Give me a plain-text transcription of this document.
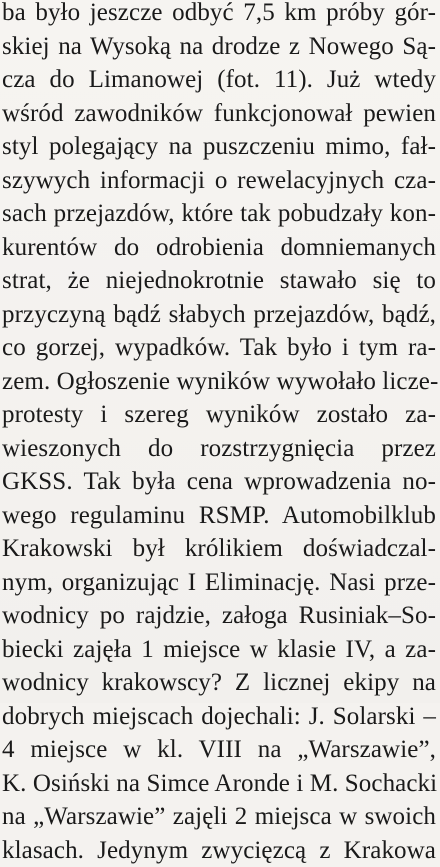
ba było jeszcze odbyć 7,5 km próby gór-
skiej na Wysoką na drodze z Nowego Są-
cza do Limanowej (fot. 11). Już wtedy
wśród zawodników funkcjonował pewien
styl polegający na puszczeniu mimo, fał-
szywych informacji o rewelacyjnych cza-
sach przejazdów, które tak pobudzały kon-
kurentów do odrobienia domniemanych
strat, że niejednokrotnie stawało się to
przyczyną bądź słabych przejazdów, bądź,
co gorzej, wypadków. Tak było i tym ra-
zem. Ogłoszenie wyników wywołało licze-
protesty i szereg wyników zostało za-
wieszonych do rozstrzygnięcia przez
GKSS. Tak była cena wprowadzenia no-
wego regulaminu RSMP. Automobilklub
Krakowski był królikiem doświadczal-
nym, organizując I Eliminację. Nasi prze-
wodnicy po rajdzie, załoga Rusiniak–So-
biecki zajęła 1 miejsce w klasie IV, a za-
wodnicy krakowscy? Z licznej ekipy na
dobrych miejscach dojechali: J. Solarski –
4 miejsce w kl. VIII na „Warszawie”,
K. Osiński na Simce Aronde i M. Sochacki
na „Warszawie” zajęli 2 miejsca w swoich
klasach. Jedynym zwycięzcą z Krakowa
